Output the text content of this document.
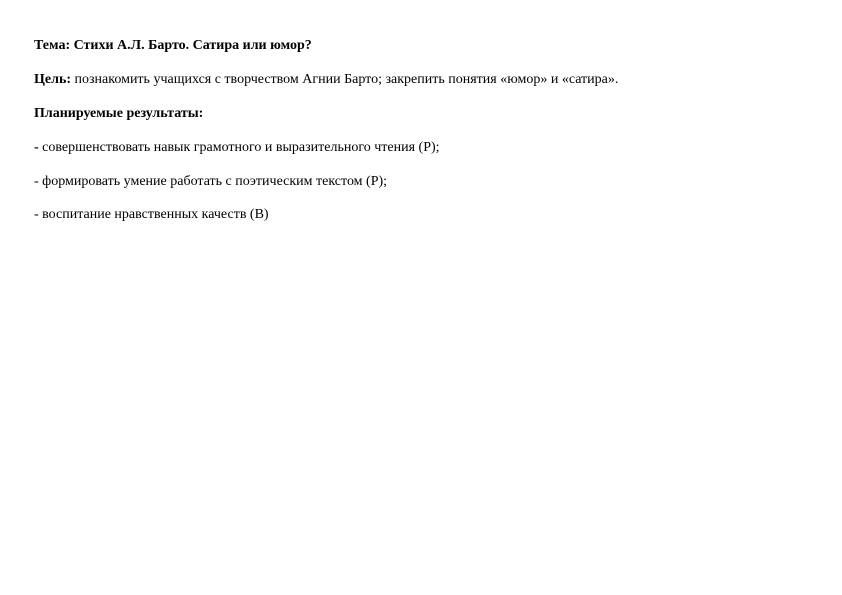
Тема: Стихи А.Л. Барто. Сатира или юмор?
Цель: познакомить учащихся с творчеством Агнии Барто; закрепить понятия «юмор» и «сатира».
Планируемые результаты:
- совершенствовать навык грамотного и выразительного чтения (Р);
- формировать умение работать с поэтическим текстом (Р);
- воспитание нравственных качеств (В)
